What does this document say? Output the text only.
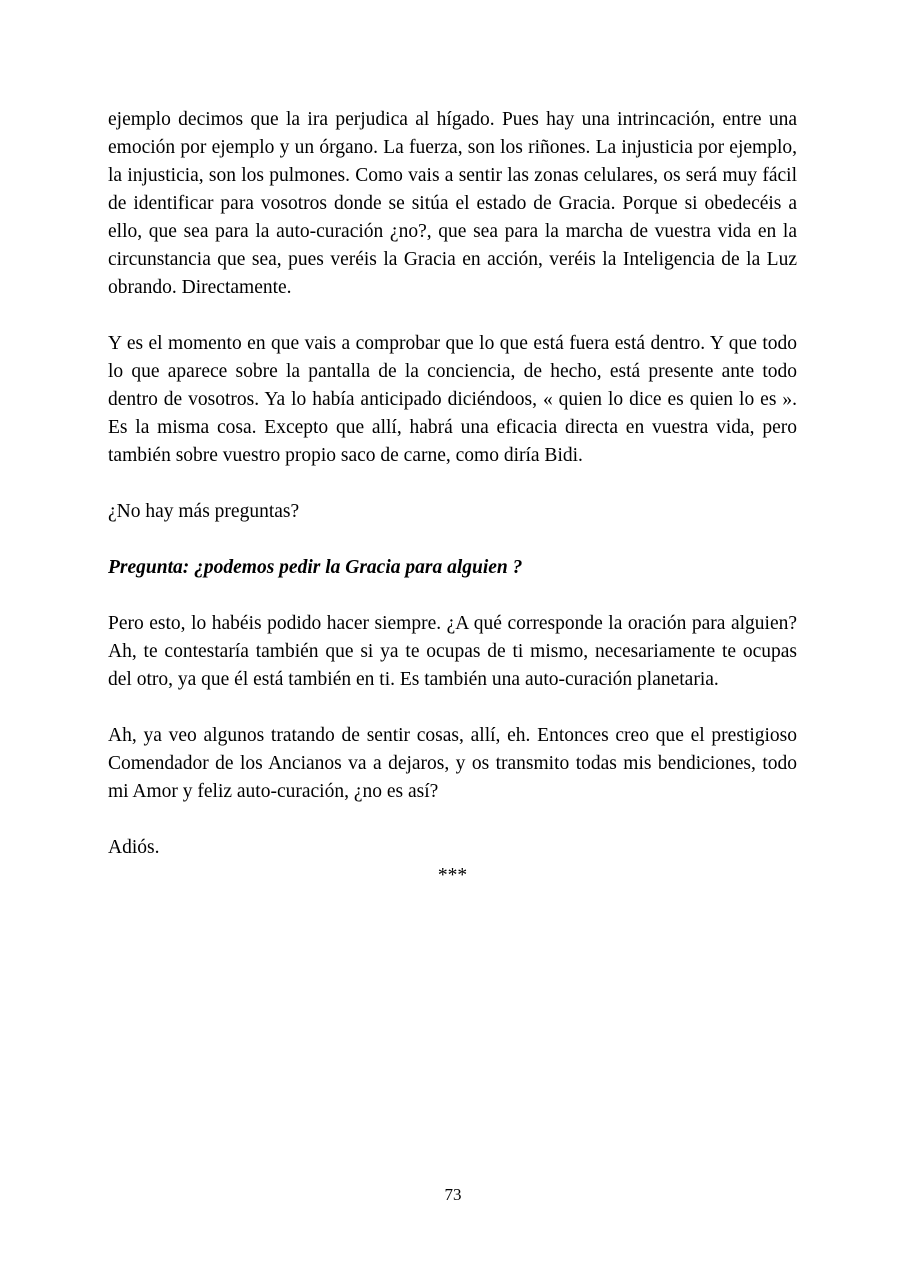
ejemplo decimos que la ira perjudica al hígado. Pues hay una intrincación, entre una emoción por ejemplo y un órgano. La fuerza, son los riñones. La injusticia por ejemplo, la injusticia, son los pulmones. Como vais a sentir las zonas celulares, os será muy fácil de identificar para vosotros donde se sitúa el estado de Gracia. Porque si obedecéis a ello, que sea para la auto-curación ¿no?, que sea para la marcha de vuestra vida en la circunstancia que sea, pues veréis la Gracia en acción, veréis la Inteligencia de la Luz obrando. Directamente.

Y es el momento en que vais a comprobar que lo que está fuera está dentro. Y que todo lo que aparece sobre la pantalla de la conciencia, de hecho, está presente ante todo dentro de vosotros. Ya lo había anticipado diciéndoos, « quien lo dice es quien lo es ». Es la misma cosa. Excepto que allí, habrá una eficacia directa en vuestra vida, pero también sobre vuestro propio saco de carne, como diría Bidi.

¿No hay más preguntas?

Pregunta: ¿podemos pedir la Gracia para alguien ?

Pero esto, lo habéis podido hacer siempre. ¿A qué corresponde la oración para alguien? Ah, te contestaría también que si ya te ocupas de ti mismo, necesariamente te ocupas del otro, ya que él está también en ti. Es también una auto-curación planetaria.

Ah, ya veo algunos tratando de sentir cosas, allí, eh. Entonces creo que el prestigioso Comendador de los Ancianos va a dejaros, y os transmito todas mis bendiciones, todo mi Amor y feliz auto-curación, ¿no es así?

Adiós.

***

73
